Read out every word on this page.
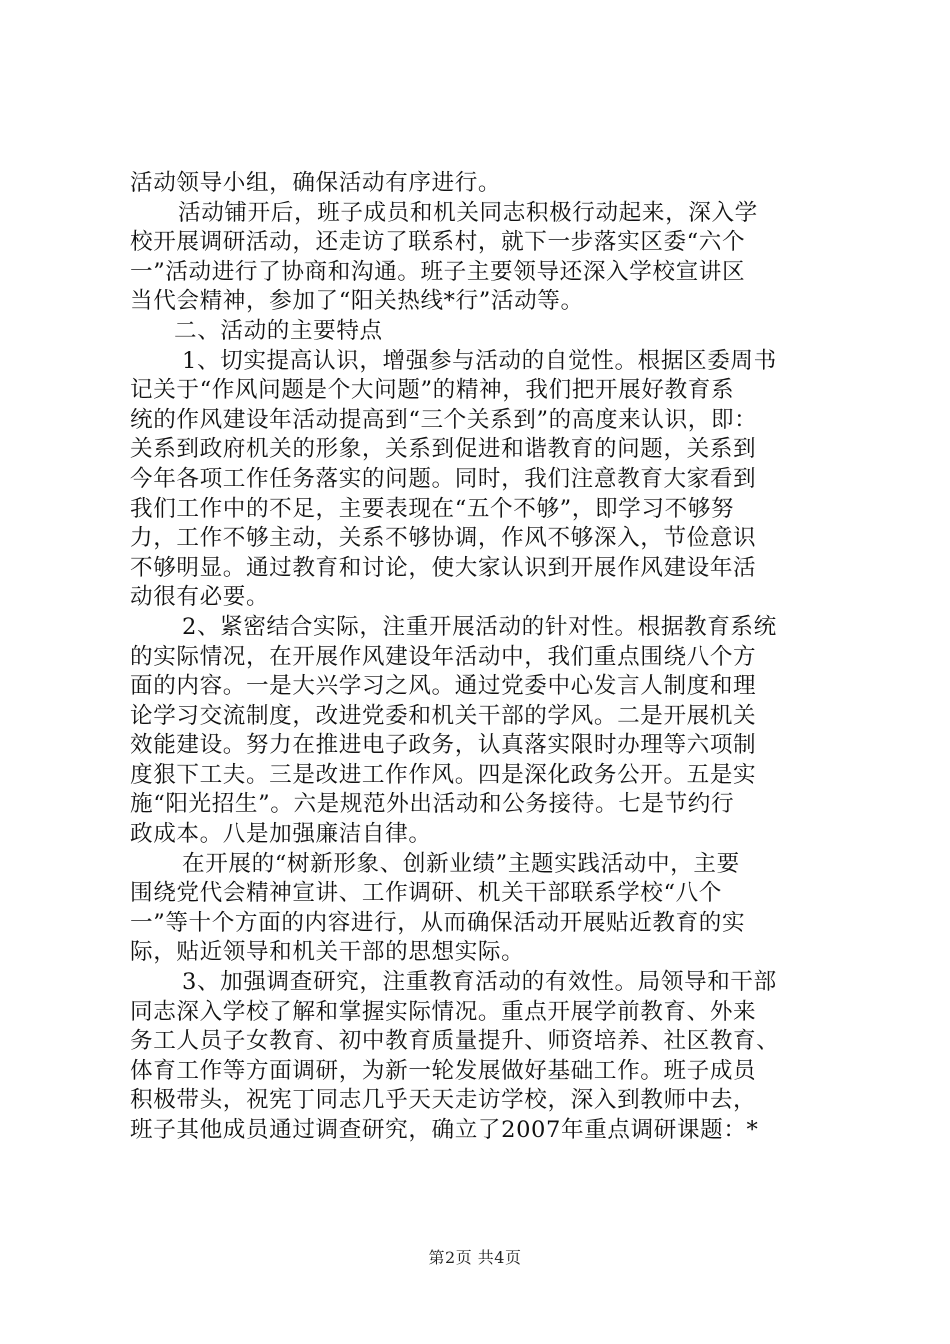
活动领导小组，确保活动有序进行。
活动铺开后，班子成员和机关同志积极行动起来，深入学
校开展调研活动，还走访了联系村，就下一步落实区委“六个
一”活动进行了协商和沟通。班子主要领导还深入学校宣讲区
当代会精神，参加了“阳关热线*行”活动等。
二、活动的主要特点
1、切实提高认识，增强参与活动的自觉性。根据区委周书
记关于“作风问题是个大问题”的精神，我们把开展好教育系
统的作风建设年活动提高到“三个关系到”的高度来认识，即：
关系到政府机关的形象，关系到促进和谐教育的问题，关系到
今年各项工作任务落实的问题。同时，我们注意教育大家看到
我们工作中的不足，主要表现在“五个不够”，即学习不够努
力，工作不够主动，关系不够协调，作风不够深入，节俭意识
不够明显。通过教育和讨论，使大家认识到开展作风建设年活
动很有必要。
2、紧密结合实际，注重开展活动的针对性。根据教育系统
的实际情况，在开展作风建设年活动中，我们重点围绕八个方
面的内容。一是大兴学习之风。通过党委中心发言人制度和理
论学习交流制度，改进党委和机关干部的学风。二是开展机关
效能建设。努力在推进电子政务，认真落实限时办理等六项制
度狠下工夫。三是改进工作作风。四是深化政务公开。五是实
施“阳光招生”。六是规范外出活动和公务接待。七是节约行
政成本。八是加强廉洁自律。
在开展的“树新形象、创新业绩”主题实践活动中，主要
围绕党代会精神宣讲、工作调研、机关干部联系学校“八个
一”等十个方面的内容进行，从而确保活动开展贴近教育的实
际，贴近领导和机关干部的思想实际。
3、加强调查研究，注重教育活动的有效性。局领导和干部
同志深入学校了解和掌握实际情况。重点开展学前教育、外来
务工人员子女教育、初中教育质量提升、师资培养、社区教育、
体育工作等方面调研，为新一轮发展做好基础工作。班子成员
积极带头，祝宪丁同志几乎天天走访学校，深入到教师中去，
班子其他成员通过调查研究，确立了2007年重点调研课题：*
第2页 共4页
